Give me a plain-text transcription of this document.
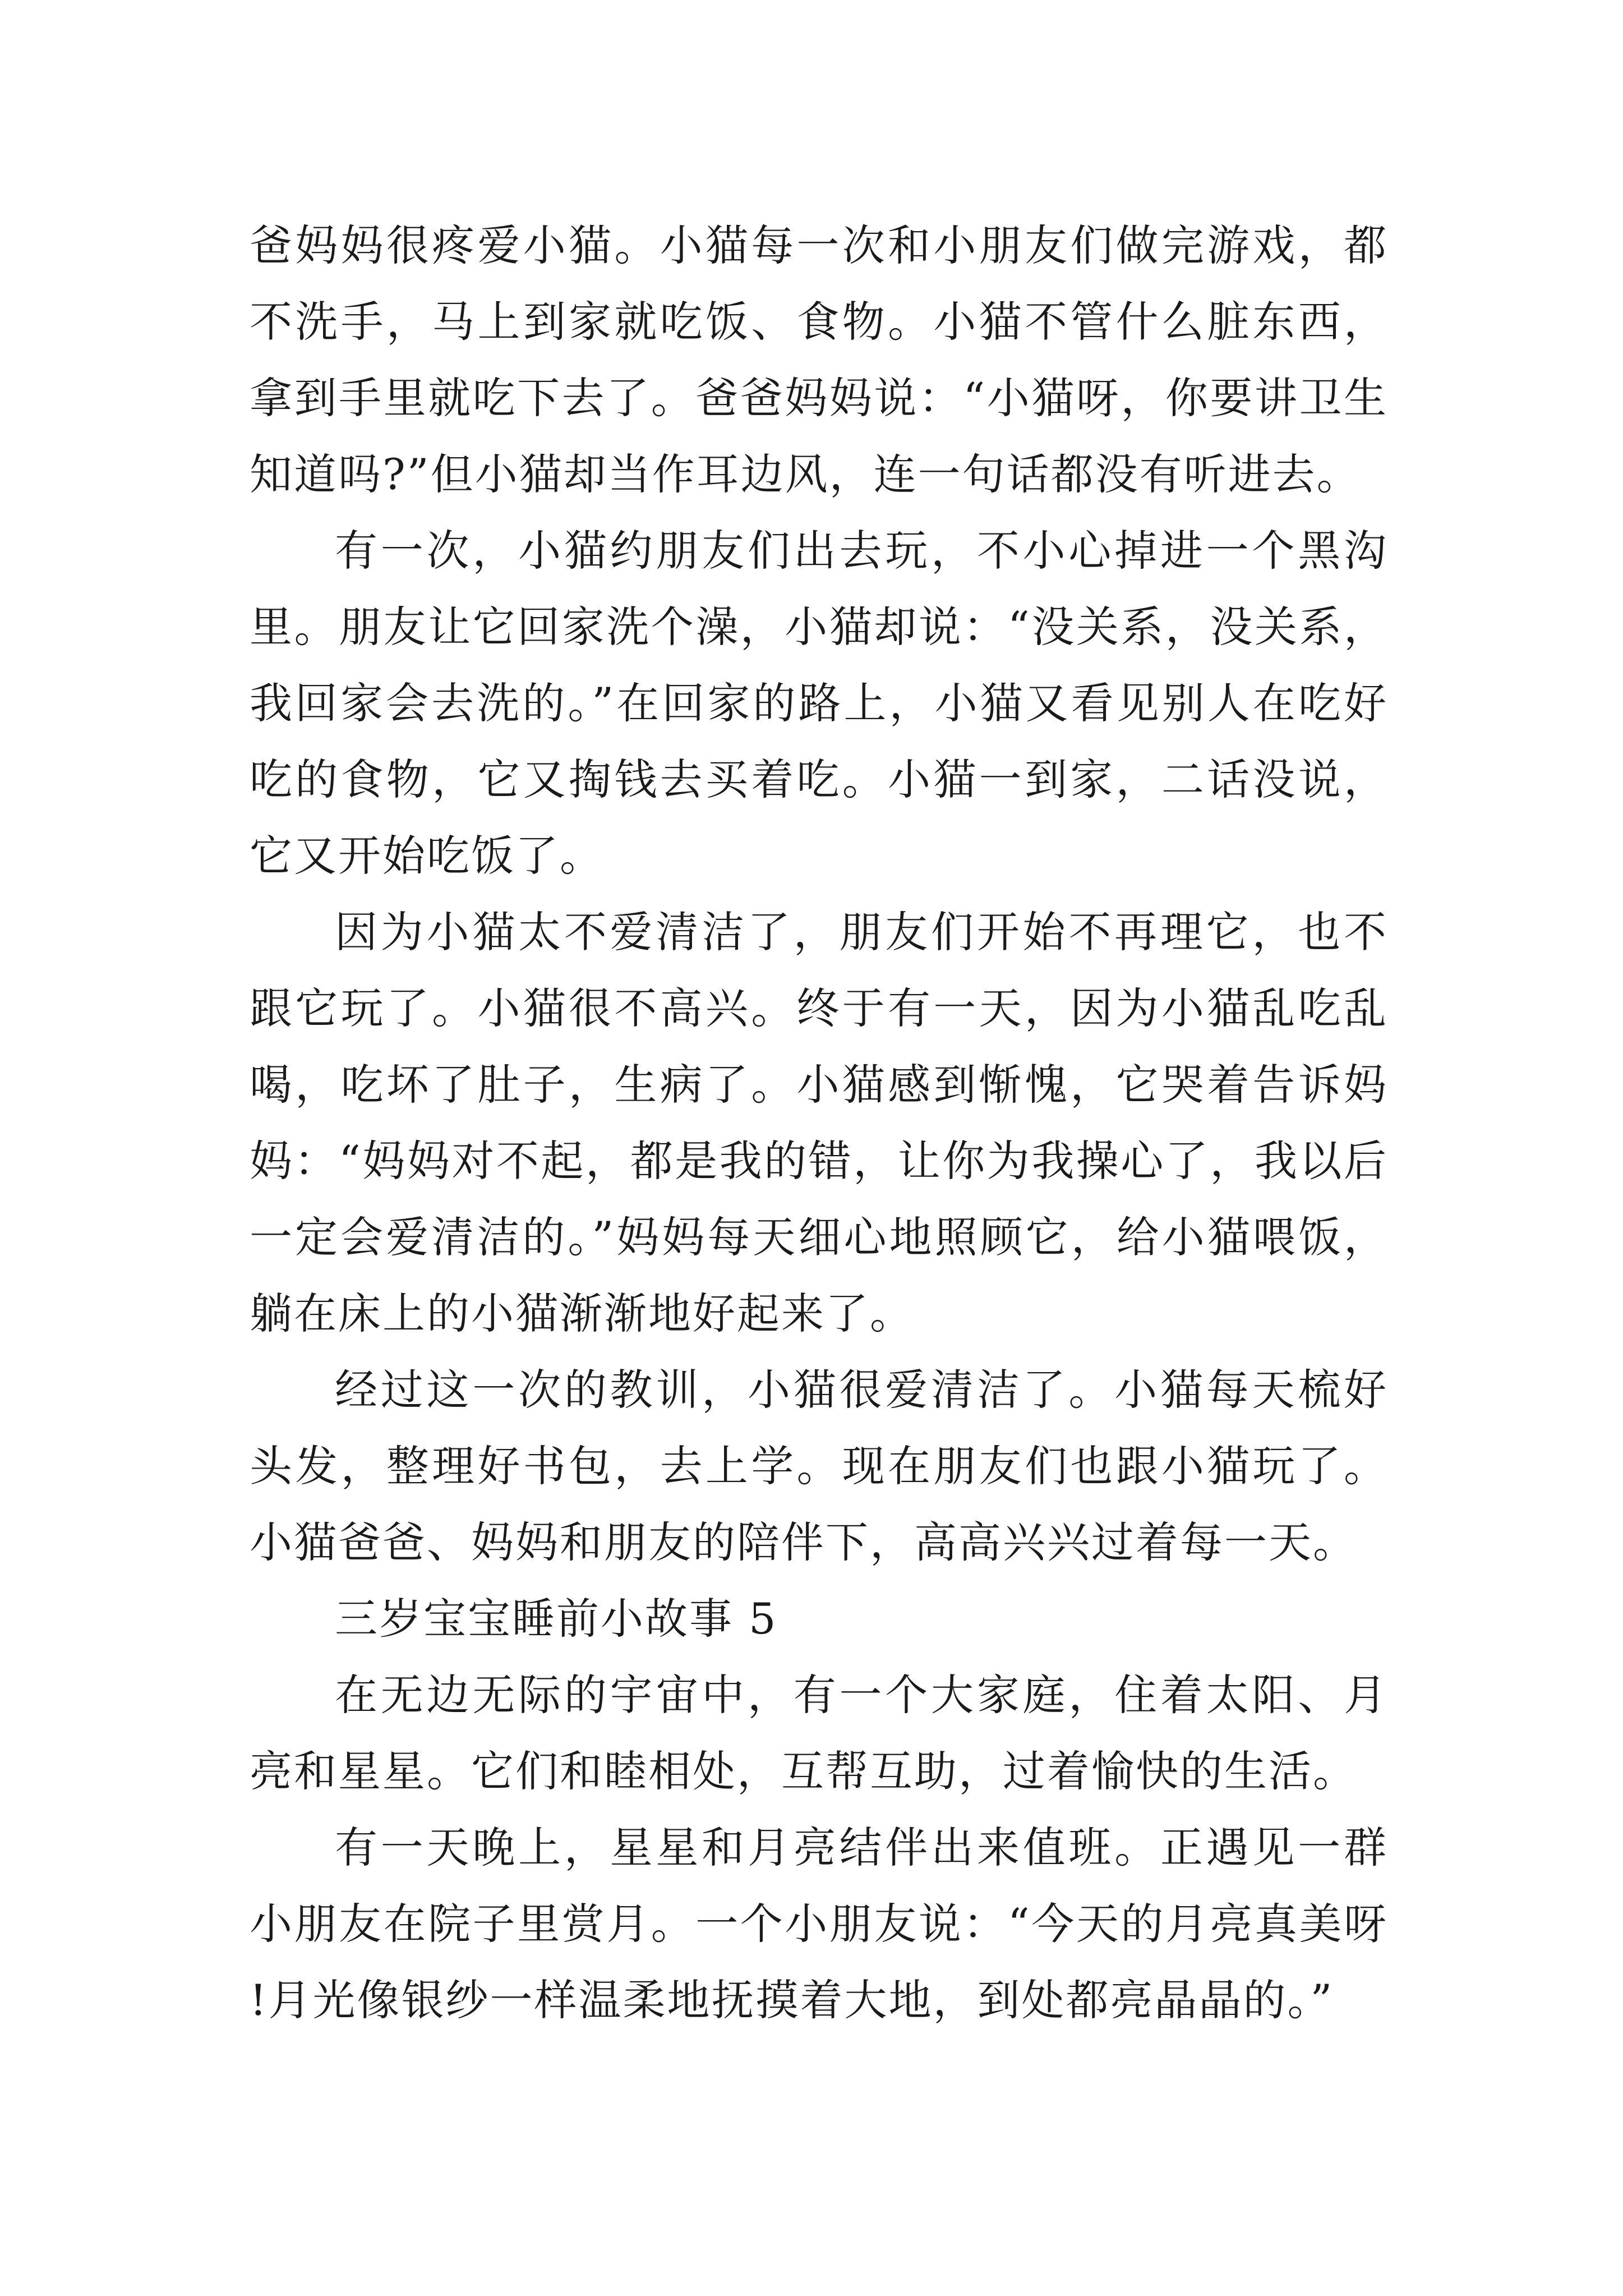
爸妈妈很疼爱小猫。小猫每一次和小朋友们做完游戏，都不洗手，马上到家就吃饭、食物。小猫不管什么脏东西，拿到手里就吃下去了。爸爸妈妈说：“小猫呀，你要讲卫生知道吗?”但小猫却当作耳边风，连一句话都没有听进去。

有一次，小猫约朋友们出去玩，不小心掉进一个黑沟里。朋友让它回家洗个澡，小猫却说：“没关系，没关系，我回家会去洗的。”在回家的路上，小猫又看见别人在吃好吃的食物，它又掏钱去买着吃。小猫一到家，二话没说，它又开始吃饭了。

因为小猫太不爱清洁了，朋友们开始不再理它，也不跟它玩了。小猫很不高兴。终于有一天，因为小猫乱吃乱喝，吃坏了肚子，生病了。小猫感到惭愧，它哭着告诉妈妈：“妈妈对不起，都是我的错，让你为我操心了，我以后一定会爱清洁的。”妈妈每天细心地照顾它，给小猫喂饭，躺在床上的小猫渐渐地好起来了。

经过这一次的教训，小猫很爱清洁了。小猫每天梳好头发，整理好书包，去上学。现在朋友们也跟小猫玩了。小猫爸爸、妈妈和朋友的陪伴下，高高兴兴过着每一天。

三岁宝宝睡前小故事 5

在无边无际的宇宙中，有一个大家庭，住着太阳、月亮和星星。它们和睦相处，互帮互助，过着愉快的生活。

有一天晚上，星星和月亮结伴出来值班。正遇见一群小朋友在院子里赏月。一个小朋友说：“今天的月亮真美呀!月光像银纱一样温柔地抚摸着大地，到处都亮晶晶的。”
